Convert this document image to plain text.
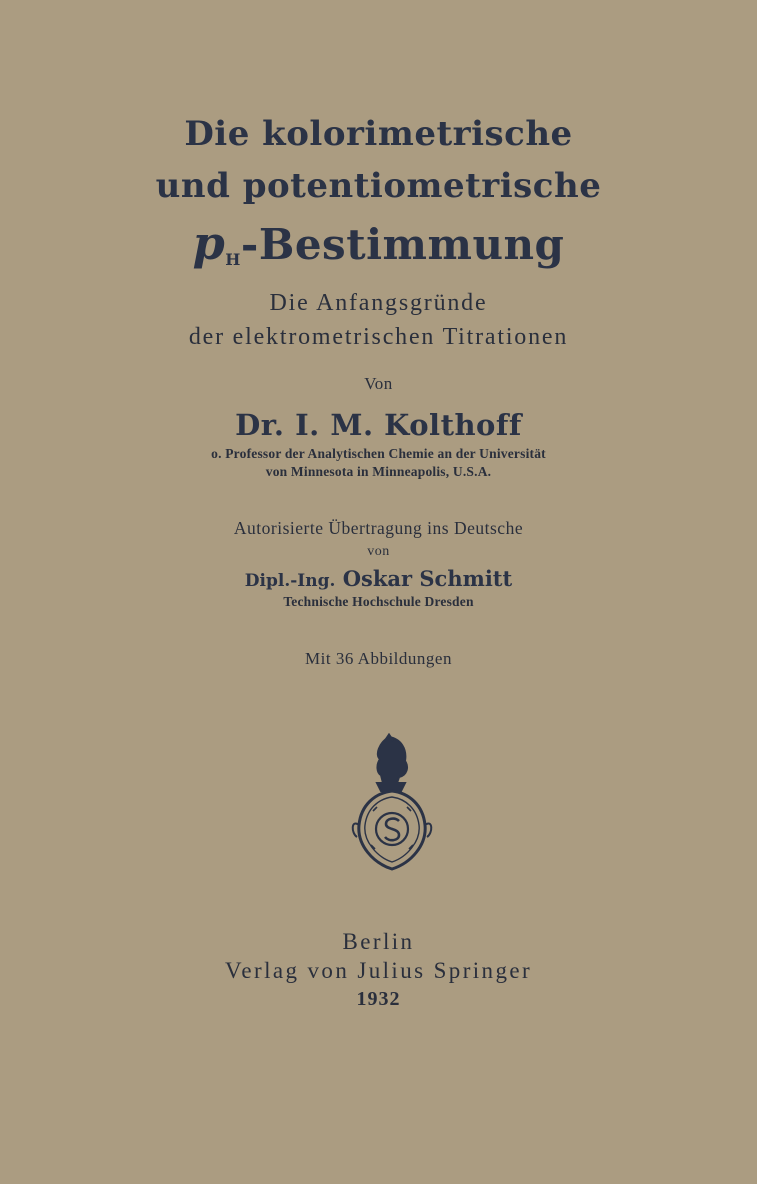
Die kolorimetrische

und potentiometrische

$p_H$-Bestimmung

Die Anfangsgründe

der elektrometrischen Titrationen

Von

Dr. I. M. Kolthoff

o. Professor der Analytischen Chemie an der Universität

von Minnesota in Minneapolis, U.S.A.

Autorisierte Übertragung ins Deutsche

von

Dipl.-Ing. Oskar Schmitt

Technische Hochschule Dresden

Mit 36 Abbildungen

Berlin

Verlag von Julius Springer

1932
